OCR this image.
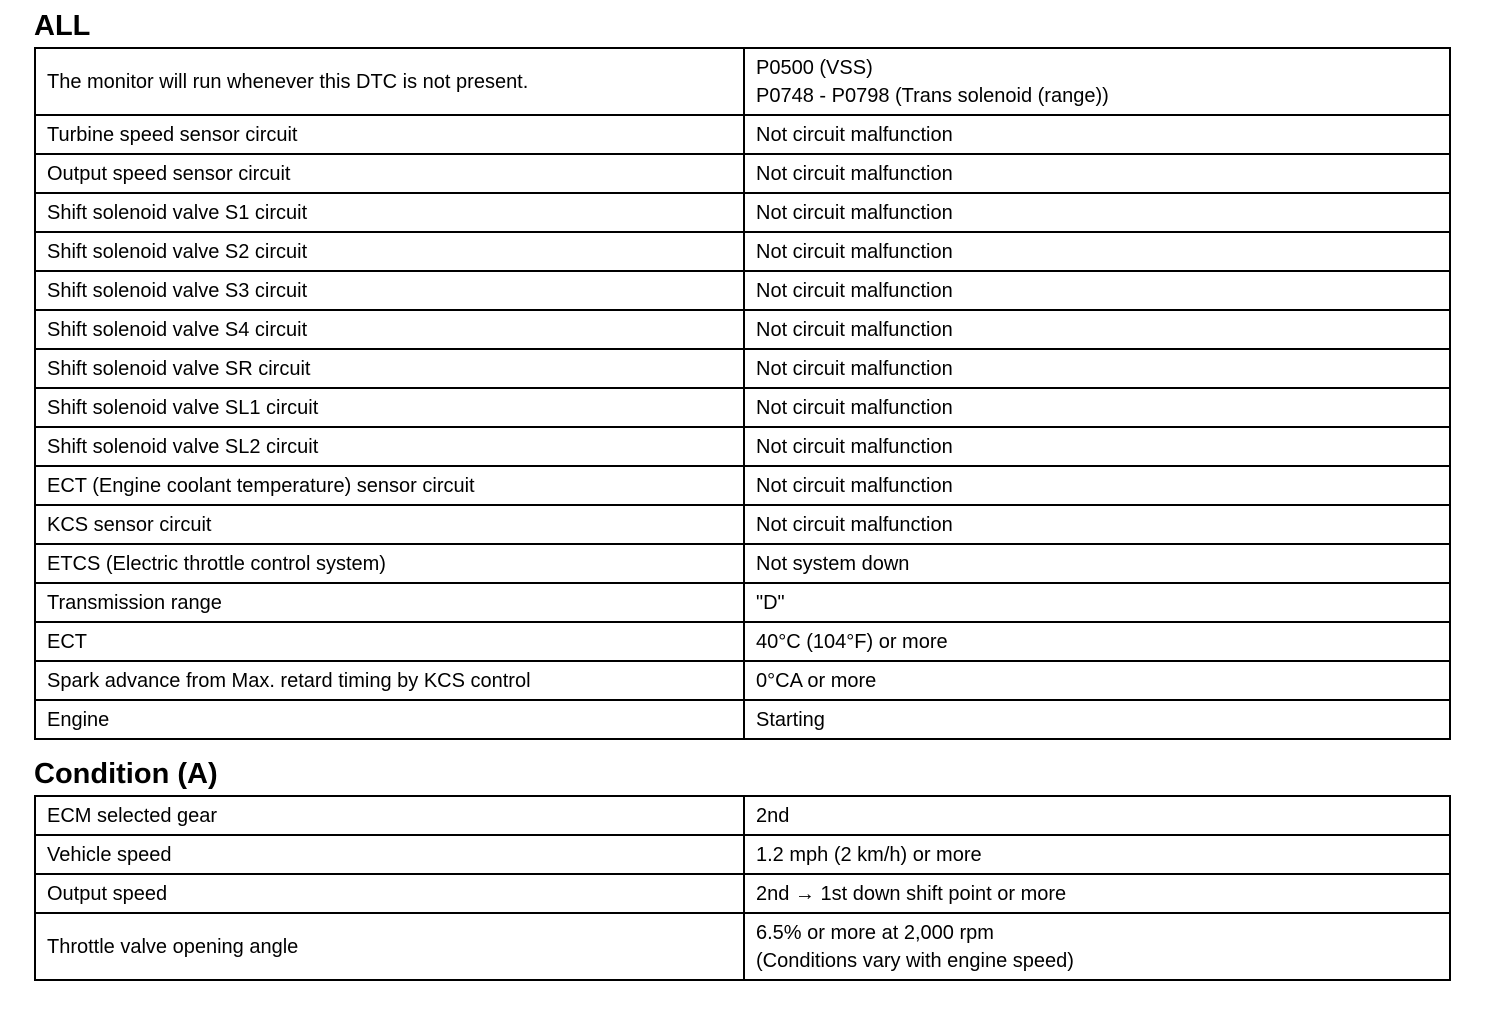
ALL
The monitor will run whenever this DTC is not present.	P0500 (VSS)
P0748 - P0798 (Trans solenoid (range))

Turbine speed sensor circuit	Not circuit malfunction

Output speed sensor circuit	Not circuit malfunction

Shift solenoid valve S1 circuit	Not circuit malfunction

Shift solenoid valve S2 circuit	Not circuit malfunction

Shift solenoid valve S3 circuit	Not circuit malfunction

Shift solenoid valve S4 circuit	Not circuit malfunction

Shift solenoid valve SR circuit	Not circuit malfunction

Shift solenoid valve SL1 circuit	Not circuit malfunction

Shift solenoid valve SL2 circuit	Not circuit malfunction

ECT (Engine coolant temperature) sensor circuit	Not circuit malfunction

KCS sensor circuit	Not circuit malfunction

ETCS (Electric throttle control system)	Not system down

Transmission range	"D"

ECT	40°C (104°F) or more

Spark advance from Max. retard timing by KCS control	0°CA or more

Engine	Starting
Condition (A)
ECM selected gear	2nd

Vehicle speed	1.2 mph (2 km/h) or more

Output speed	2nd → 1st down shift point or more

Throttle valve opening angle	6.5% or more at 2,000 rpm
(Conditions vary with engine speed)
